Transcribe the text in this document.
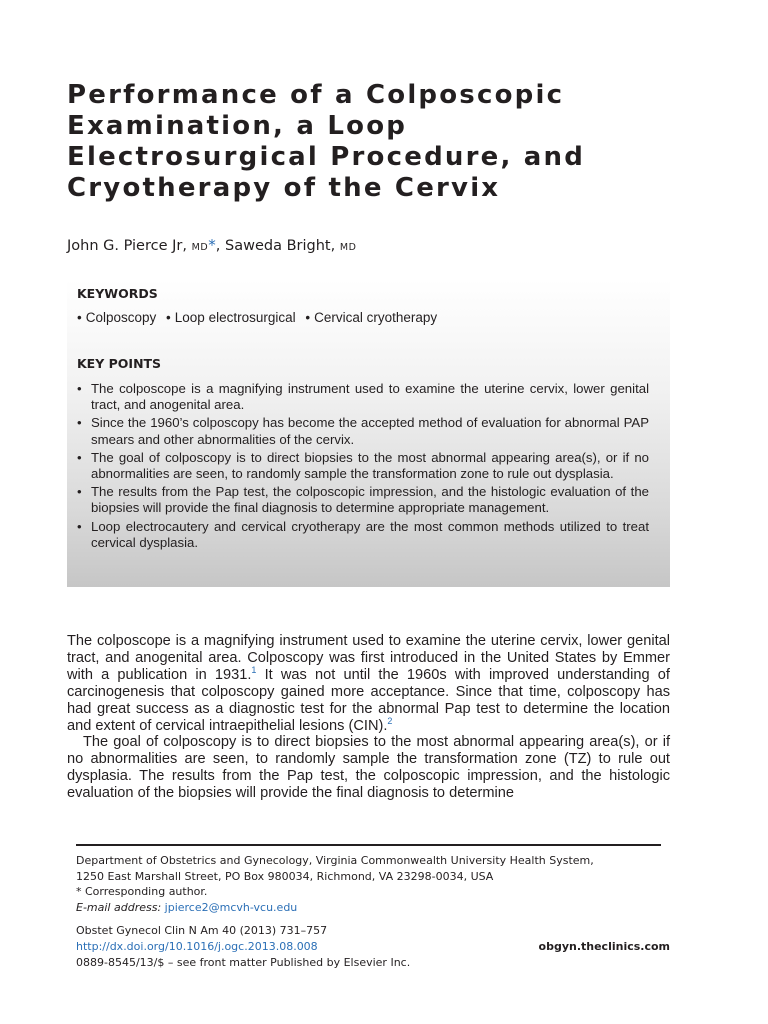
Performance of a Colposcopic
Examination, a Loop
Electrosurgical Procedure, and
Cryotherapy of the Cervix
John G. Pierce Jr, MD*, Saweda Bright, MD
KEYWORDS
• Colposcopy • Loop electrosurgical • Cervical cryotherapy
KEY POINTS
• The colposcope is a magnifying instrument used to examine the uterine cervix, lower genital tract, and anogenital area.
• Since the 1960’s colposcopy has become the accepted method of evaluation for abnormal PAP smears and other abnormalities of the cervix.
• The goal of colposcopy is to direct biopsies to the most abnormal appearing area(s), or if no abnormalities are seen, to randomly sample the transformation zone to rule out dysplasia.
• The results from the Pap test, the colposcopic impression, and the histologic evaluation of the biopsies will provide the final diagnosis to determine appropriate management.
• Loop electrocautery and cervical cryotherapy are the most common methods utilized to treat cervical dysplasia.

The colposcope is a magnifying instrument used to examine the uterine cervix, lower genital tract, and anogenital area. Colposcopy was first introduced in the United States by Emmer with a publication in 1931.$^1$ It was not until the 1960s with improved understanding of carcinogenesis that colposcopy gained more acceptance. Since that time, colposcopy has had great success as a diagnostic test for the abnormal Pap test to determine the location and extent of cervical intraepithelial lesions (CIN).$^2$

The goal of colposcopy is to direct biopsies to the most abnormal appearing area(s), or if no abnormalities are seen, to randomly sample the transformation zone (TZ) to rule out dysplasia. The results from the Pap test, the colposcopic impression, and the histologic evaluation of the biopsies will provide the final diagnosis to determine

Department of Obstetrics and Gynecology, Virginia Commonwealth University Health System,
1250 East Marshall Street, PO Box 980034, Richmond, VA 23298-0034, USA
* Corresponding author.
E-mail address: jpierce2@mcvh-vcu.edu
Obstet Gynecol Clin N Am 40 (2013) 731–757
http://dx.doi.org/10.1016/j.ogc.2013.08.008	obgyn.theclinics.com
0889-8545/13/$ – see front matter Published by Elsevier Inc.
